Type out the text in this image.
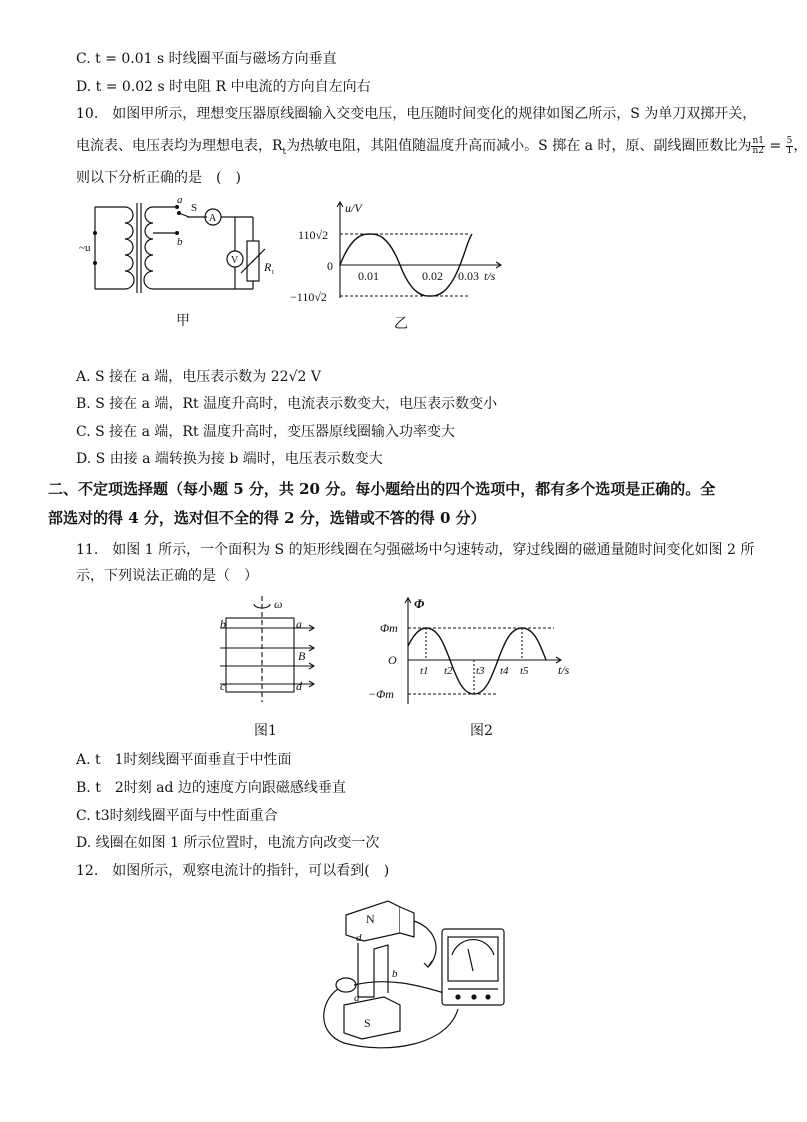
C. t = 0.01 s 时线圈平面与磁场方向垂直
D. t = 0.02 s 时电阻 R 中电流的方向自左向右
10.　如图甲所示，理想变压器原线圈输入交变电压，电压随时间变化的规律如图乙所示，S 为单刀双掷开关，
电流表、电压表均为理想电表，$R_t$为热敏电阻，其阻值随温度升高而减小。S 掷在 a 时，原、副线圈匝数比为 $\frac{n1}{n2} = \frac{5}{1}$ ，
则以下分析正确的是　(　)
~u
a
b
S
A
V R t
甲
u/V
110√2
0
−110√2
0.01	0.02 0.03 t/s
乙
A. S 接在 a 端，电压表示数为 22√2 V
B. S 接在 a 端，Rt 温度升高时，电流表示数变大，电压表示数变小
C. S 接在 a 端，Rt 温度升高时，变压器原线圈输入功率变大
D. S 由接 a 端转换为接 b 端时，电压表示数变大
二、不定项选择题（每小题 5 分，共 20 分。每小题给出的四个选项中，都有多个选项是正确的。全
部选对的得 4 分，选对但不全的得 2 分，选错或不答的得 0 分）
11.　如图 1 所示，一个面积为 S 的矩形线圈在匀强磁场中匀速转动，穿过线圈的磁通量随时间变化如图 2 所
示，下列说法正确的是（　）
ω
b	a
B
c	d
图1
Φ
Φm
O
−Φm
t1 t2 t3 t4 t5 t/s
图2
A. t　1时刻线圈平面垂直于中性面
B. t　2时刻 ad 边的速度方向跟磁感线垂直
C. t3时刻线圈平面与中性面重合
D. 线圈在如图 1 所示位置时，电流方向改变一次
12.　如图所示，观察电流计的指针，可以看到(　)
N
S
d
b
a
